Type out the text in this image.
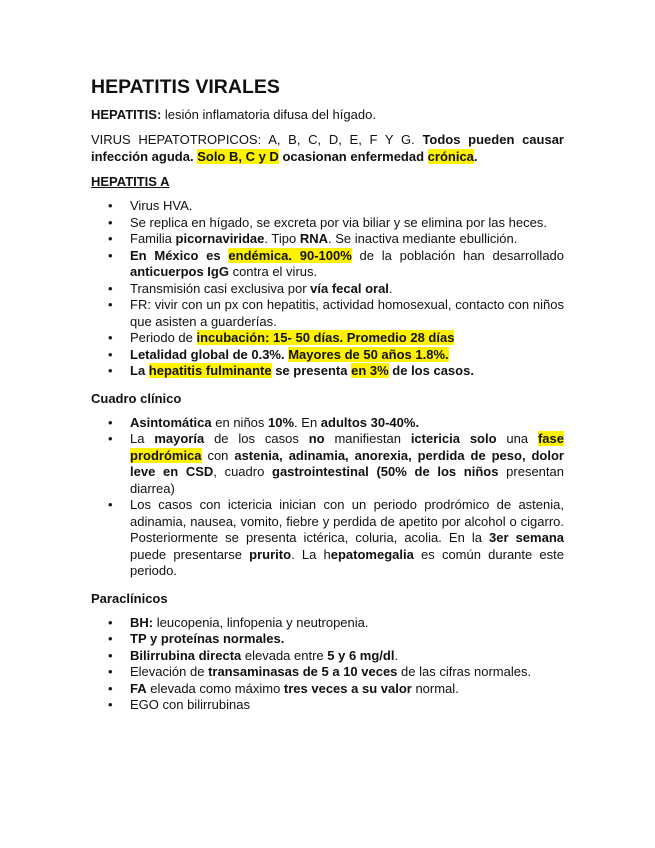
HEPATITIS VIRALES

HEPATITIS: lesión inflamatoria difusa del hígado.

VIRUS HEPATOTROPICOS: A, B, C, D, E, F Y G. Todos pueden causar infección aguda. Solo B, C y D ocasionan enfermedad crónica.

HEPATITIS A

• Virus HVA.
• Se replica en hígado, se excreta por via biliar y se elimina por las heces.
• Familia picornaviridae. Tipo RNA. Se inactiva mediante ebullición.
• En México es endémica. 90-100% de la población han desarrollado anticuerpos IgG contra el virus.
• Transmisión casi exclusiva por vía fecal oral.
• FR: vivir con un px con hepatitis, actividad homosexual, contacto con niños que asisten a guarderías.
• Periodo de incubación: 15- 50 días. Promedio 28 días
• Letalidad global de 0.3%. Mayores de 50 años 1.8%.
• La hepatitis fulminante se presenta en 3% de los casos.

Cuadro clínico

• Asintomática en niños 10%. En adultos 30-40%.
• La mayoría de los casos no manifiestan ictericia solo una fase prodrómica con astenia, adinamia, anorexia, perdida de peso, dolor leve en CSD, cuadro gastrointestinal (50% de los niños presentan diarrea)
• Los casos con ictericia inician con un periodo prodrómico de astenia, adinamia, nausea, vomito, fiebre y perdida de apetito por alcohol o cigarro. Posteriormente se presenta ictérica, coluria, acolia. En la 3er semana puede presentarse prurito. La hepatomegalia es común durante este periodo.

Paraclínicos

• BH: leucopenia, linfopenia y neutropenia.
• TP y proteínas normales.
• Bilirrubina directa elevada entre 5 y 6 mg/dl.
• Elevación de transaminasas de 5 a 10 veces de las cifras normales.
• FA elevada como máximo tres veces a su valor normal.
• EGO con bilirrubinas
